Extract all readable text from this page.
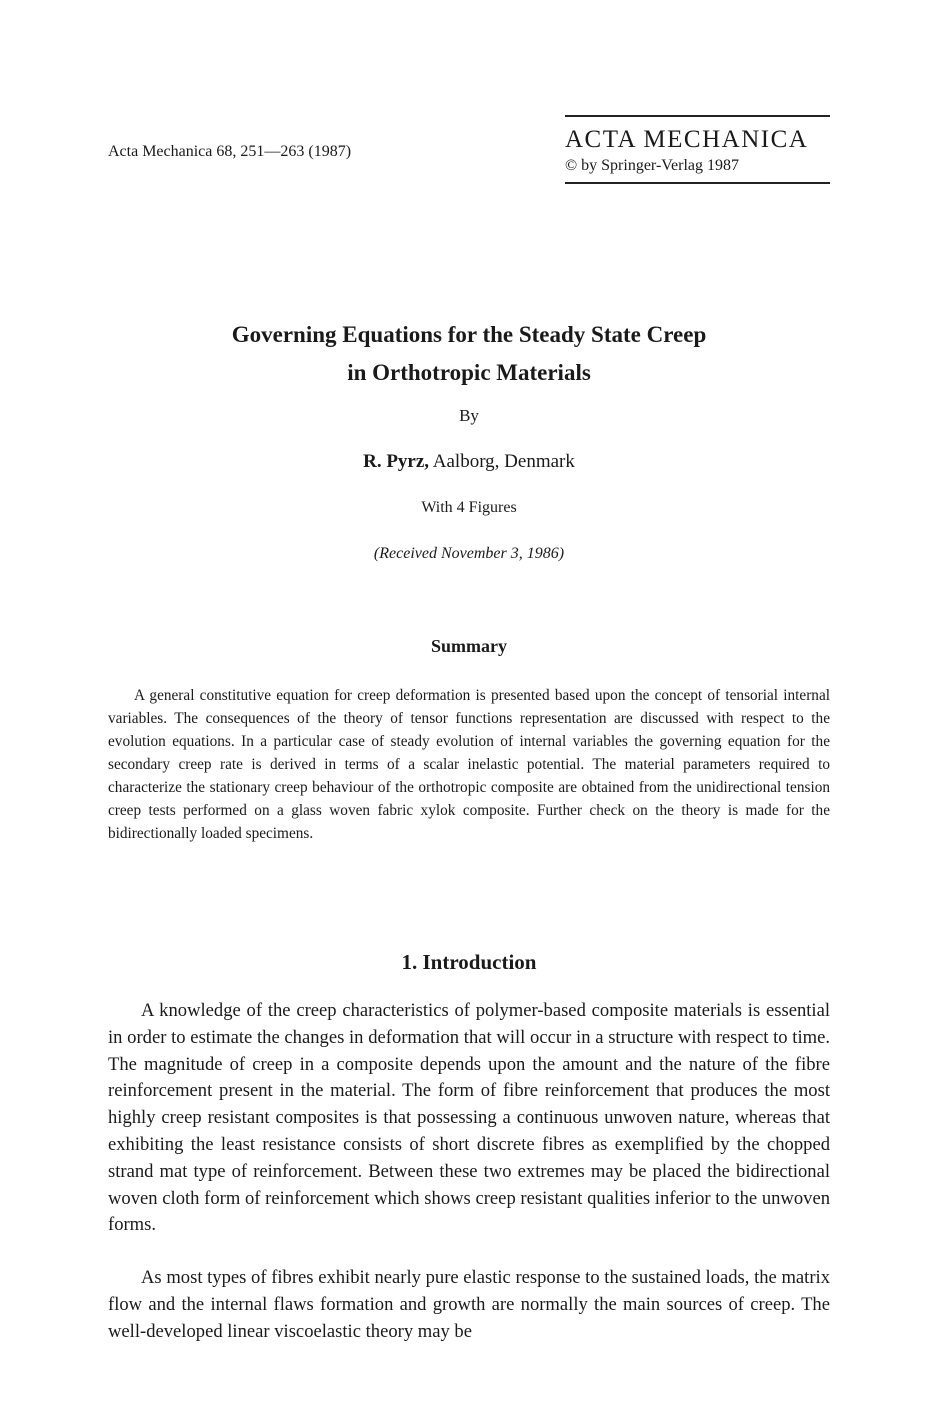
Acta Mechanica 68, 251—263 (1987)	ACTA MECHANICA
© by Springer-Verlag 1987
Governing Equations for the Steady State Creep
in Orthotropic Materials
By
R. Pyrz, Aalborg, Denmark
With 4 Figures
(Received November 3, 1986)
Summary

A general constitutive equation for creep deformation is presented based upon the concept of tensorial internal variables. The consequences of the theory of tensor functions representation are discussed with respect to the evolution equations. In a particular case of steady evolution of internal variables the governing equation for the secondary creep rate is derived in terms of a scalar inelastic potential. The material parameters required to characterize the stationary creep behaviour of the orthotropic composite are obtained from the unidirectional tension creep tests performed on a glass woven fabric xylok composite. Further check on the theory is made for the bidirectionally loaded specimens.

1. Introduction

A knowledge of the creep characteristics of polymer-based composite materials is essential in order to estimate the changes in deformation that will occur in a structure with respect to time. The magnitude of creep in a composite depends upon the amount and the nature of the fibre reinforcement present in the material. The form of fibre reinforcement that produces the most highly creep resistant composites is that possessing a continuous unwoven nature, whereas that exhibiting the least resistance consists of short discrete fibres as exemplified by the chopped strand mat type of reinforcement. Between these two extremes may be placed the bidirectional woven cloth form of reinforcement which shows creep resistant qualities inferior to the unwoven forms.

As most types of fibres exhibit nearly pure elastic response to the sustained loads, the matrix flow and the internal flaws formation and growth are normally the main sources of creep. The well-developed linear viscoelastic theory may be
